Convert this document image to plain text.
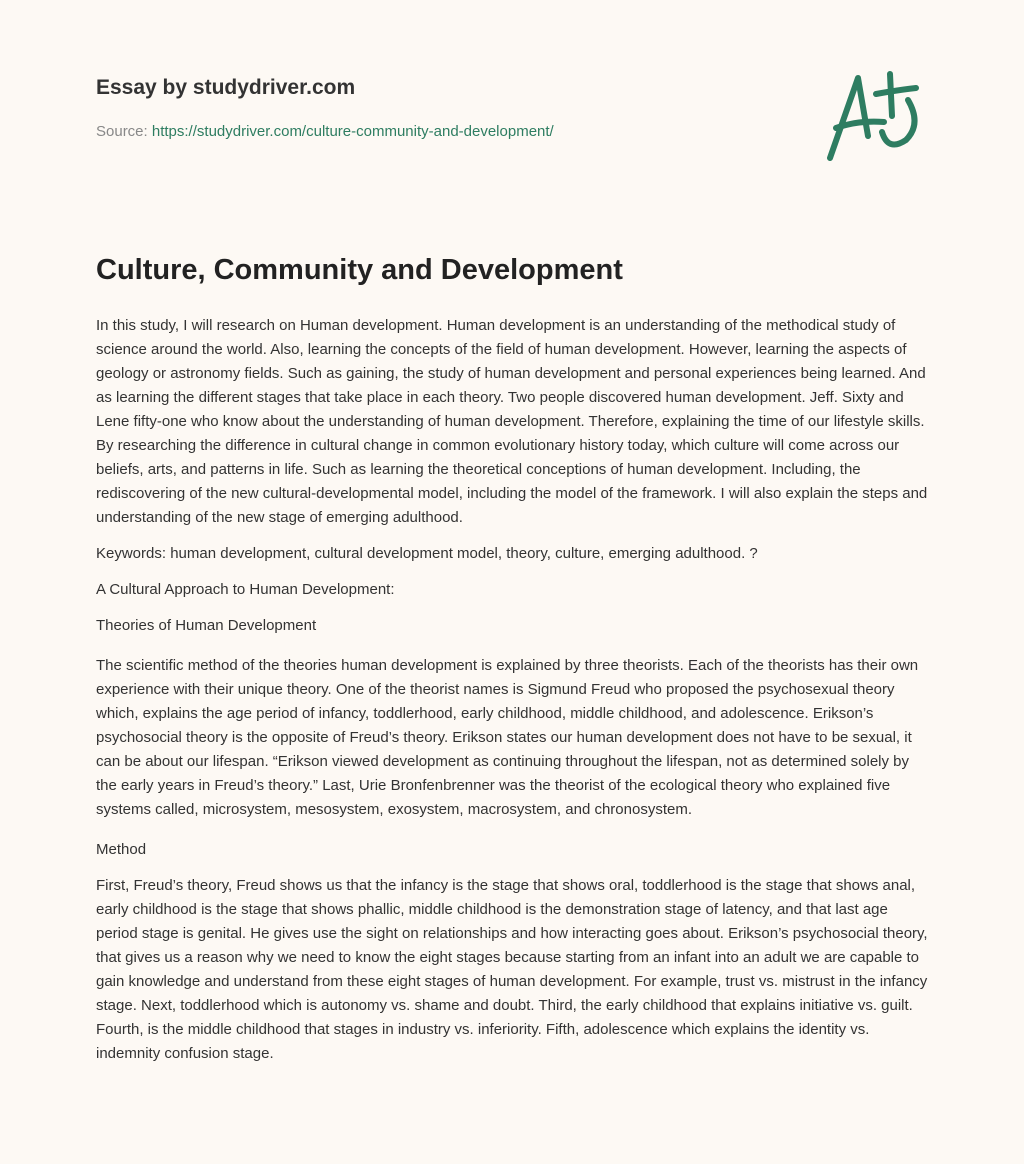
Essay by studydriver.com
Source: https://studydriver.com/culture-community-and-development/
Culture, Community and Development

In this study, I will research on Human development. Human development is an understanding of the methodical study of science around the world. Also, learning the concepts of the field of human development. However, learning the aspects of geology or astronomy fields. Such as gaining, the study of human development and personal experiences being learned. And as learning the different stages that take place in each theory. Two people discovered human development. Jeff. Sixty and Lene fifty-one who know about the understanding of human development. Therefore, explaining the time of our lifestyle skills. By researching the difference in cultural change in common evolutionary history today, which culture will come across our beliefs, arts, and patterns in life. Such as learning the theoretical conceptions of human development. Including, the rediscovering of the new cultural-developmental model, including the model of the framework. I will also explain the steps and understanding of the new stage of emerging adulthood.

Keywords: human development, cultural development model, theory, culture, emerging adulthood. ?

A Cultural Approach to Human Development:

Theories of Human Development

The scientific method of the theories human development is explained by three theorists. Each of the theorists has their own experience with their unique theory. One of the theorist names is Sigmund Freud who proposed the psychosexual theory which, explains the age period of infancy, toddlerhood, early childhood, middle childhood, and adolescence. Erikson’s psychosocial theory is the opposite of Freud’s theory. Erikson states our human development does not have to be sexual, it can be about our lifespan. “Erikson viewed development as continuing throughout the lifespan, not as determined solely by the early years in Freud’s theory.” Last, Urie Bronfenbrenner was the theorist of the ecological theory who explained five systems called, microsystem, mesosystem, exosystem, macrosystem, and chronosystem.

Method

First, Freud’s theory, Freud shows us that the infancy is the stage that shows oral, toddlerhood is the stage that shows anal, early childhood is the stage that shows phallic, middle childhood is the demonstration stage of latency, and that last age period stage is genital. He gives use the sight on relationships and how interacting goes about. Erikson’s psychosocial theory, that gives us a reason why we need to know the eight stages because starting from an infant into an adult we are capable to gain knowledge and understand from these eight stages of human development. For example, trust vs. mistrust in the infancy stage. Next, toddlerhood which is autonomy vs. shame and doubt. Third, the early childhood that explains initiative vs. guilt. Fourth, is the middle childhood that stages in industry vs. inferiority. Fifth, adolescence which explains the identity vs. indemnity confusion stage.
